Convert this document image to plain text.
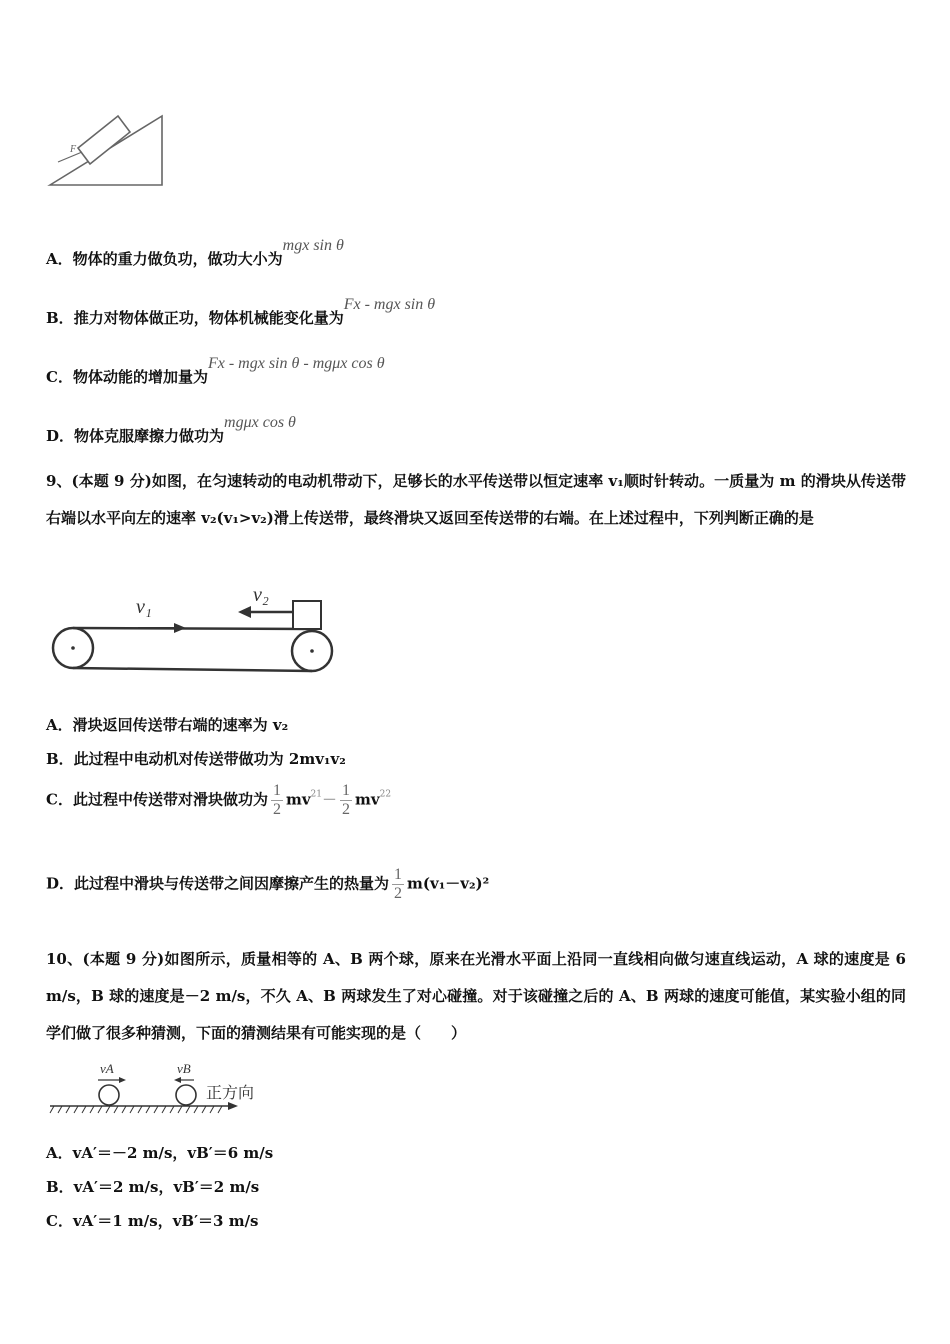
F
A．物体的重力做负功，做功大小为mgx sin θ
B．推力对物体做正功，物体机械能变化量为Fx - mgx sin θ
C．物体动能的增加量为Fx - mgx sin θ - mgμx cos θ
D．物体克服摩擦力做功为mgμx cos θ
9、(本题 9 分)如图，在匀速转动的电动机带动下，足够长的水平传送带以恒定速率 v₁顺时针转动。一质量为 m 的滑块从传送带右端以水平向左的速率 v₂(v₁>v₂)滑上传送带，最终滑块又返回至传送带的右端。在上述过程中，下列判断正确的是
v₁
v₂
A．滑块返回传送带右端的速率为 v₂
B．此过程中电动机对传送带做功为 2mv₁v₂
C．此过程中传送带对滑块做功为 $\frac{1}{2} mv^{21}- \frac{1}{2} mv^{22}$
D．此过程中滑块与传送带之间因摩擦产生的热量为 $\frac{1}{2} m(v_1-v_2)^2$
10、(本题 9 分)如图所示，质量相等的 A、B 两个球，原来在光滑水平面上沿同一直线相向做匀速直线运动，A 球的速度是 6 m/s，B 球的速度是－2 m/s，不久 A、B 两球发生了对心碰撞。对于该碰撞之后的 A、B 两球的速度可能值，某实验小组的同学们做了很多种猜测，下面的猜测结果有可能实现的是（　　）
vA	vB
正方向
A．vA′＝－2 m/s，vB′＝6 m/s
B．vA′＝2 m/s，vB′＝2 m/s
C．vA′＝1 m/s，vB′＝3 m/s
